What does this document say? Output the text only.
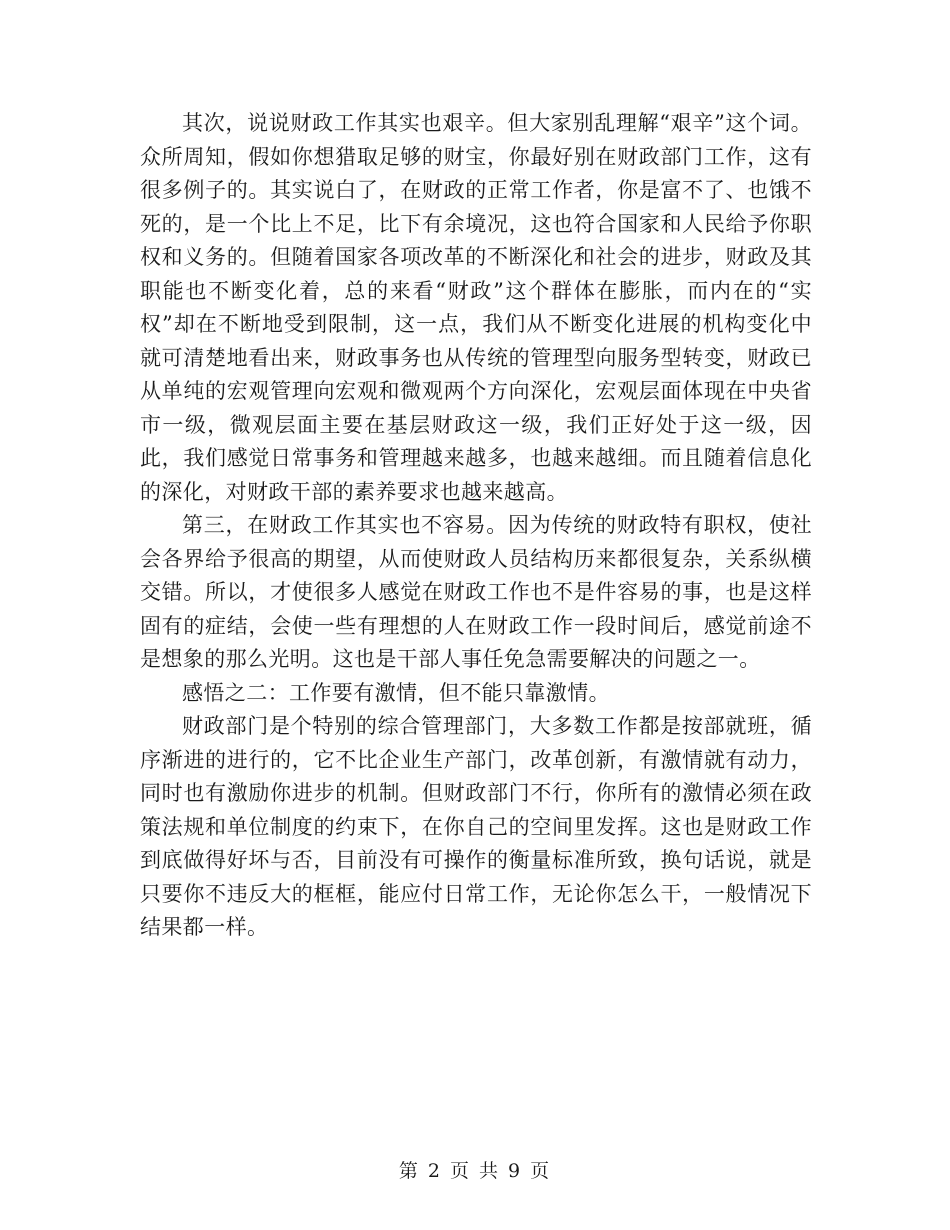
其次，说说财政工作其实也艰辛。但大家别乱理解“艰辛”这个词。众所周知，假如你想猎取足够的财宝，你最好别在财政部门工作，这有很多例子的。其实说白了，在财政的正常工作者，你是富不了、也饿不死的，是一个比上不足，比下有余境况，这也符合国家和人民给予你职权和义务的。但随着国家各项改革的不断深化和社会的进步，财政及其职能也不断变化着，总的来看“财政”这个群体在膨胀，而内在的“实权”却在不断地受到限制，这一点，我们从不断变化进展的机构变化中就可清楚地看出来，财政事务也从传统的管理型向服务型转变，财政已从单纯的宏观管理向宏观和微观两个方向深化，宏观层面体现在中央省市一级，微观层面主要在基层财政这一级，我们正好处于这一级，因此，我们感觉日常事务和管理越来越多，也越来越细。而且随着信息化的深化，对财政干部的素养要求也越来越高。

第三，在财政工作其实也不容易。因为传统的财政特有职权，使社会各界给予很高的期望，从而使财政人员结构历来都很复杂，关系纵横交错。所以，才使很多人感觉在财政工作也不是件容易的事，也是这样固有的症结，会使一些有理想的人在财政工作一段时间后，感觉前途不是想象的那么光明。这也是干部人事任免急需要解决的问题之一。

感悟之二：工作要有激情，但不能只靠激情。

财政部门是个特别的综合管理部门，大多数工作都是按部就班，循序渐进的进行的，它不比企业生产部门，改革创新，有激情就有动力，同时也有激励你进步的机制。但财政部门不行，你所有的激情必须在政策法规和单位制度的约束下，在你自己的空间里发挥。这也是财政工作到底做得好坏与否，目前没有可操作的衡量标准所致，换句话说，就是只要你不违反大的框框，能应付日常工作，无论你怎么干，一般情况下结果都一样。

第 2 页 共 9 页
